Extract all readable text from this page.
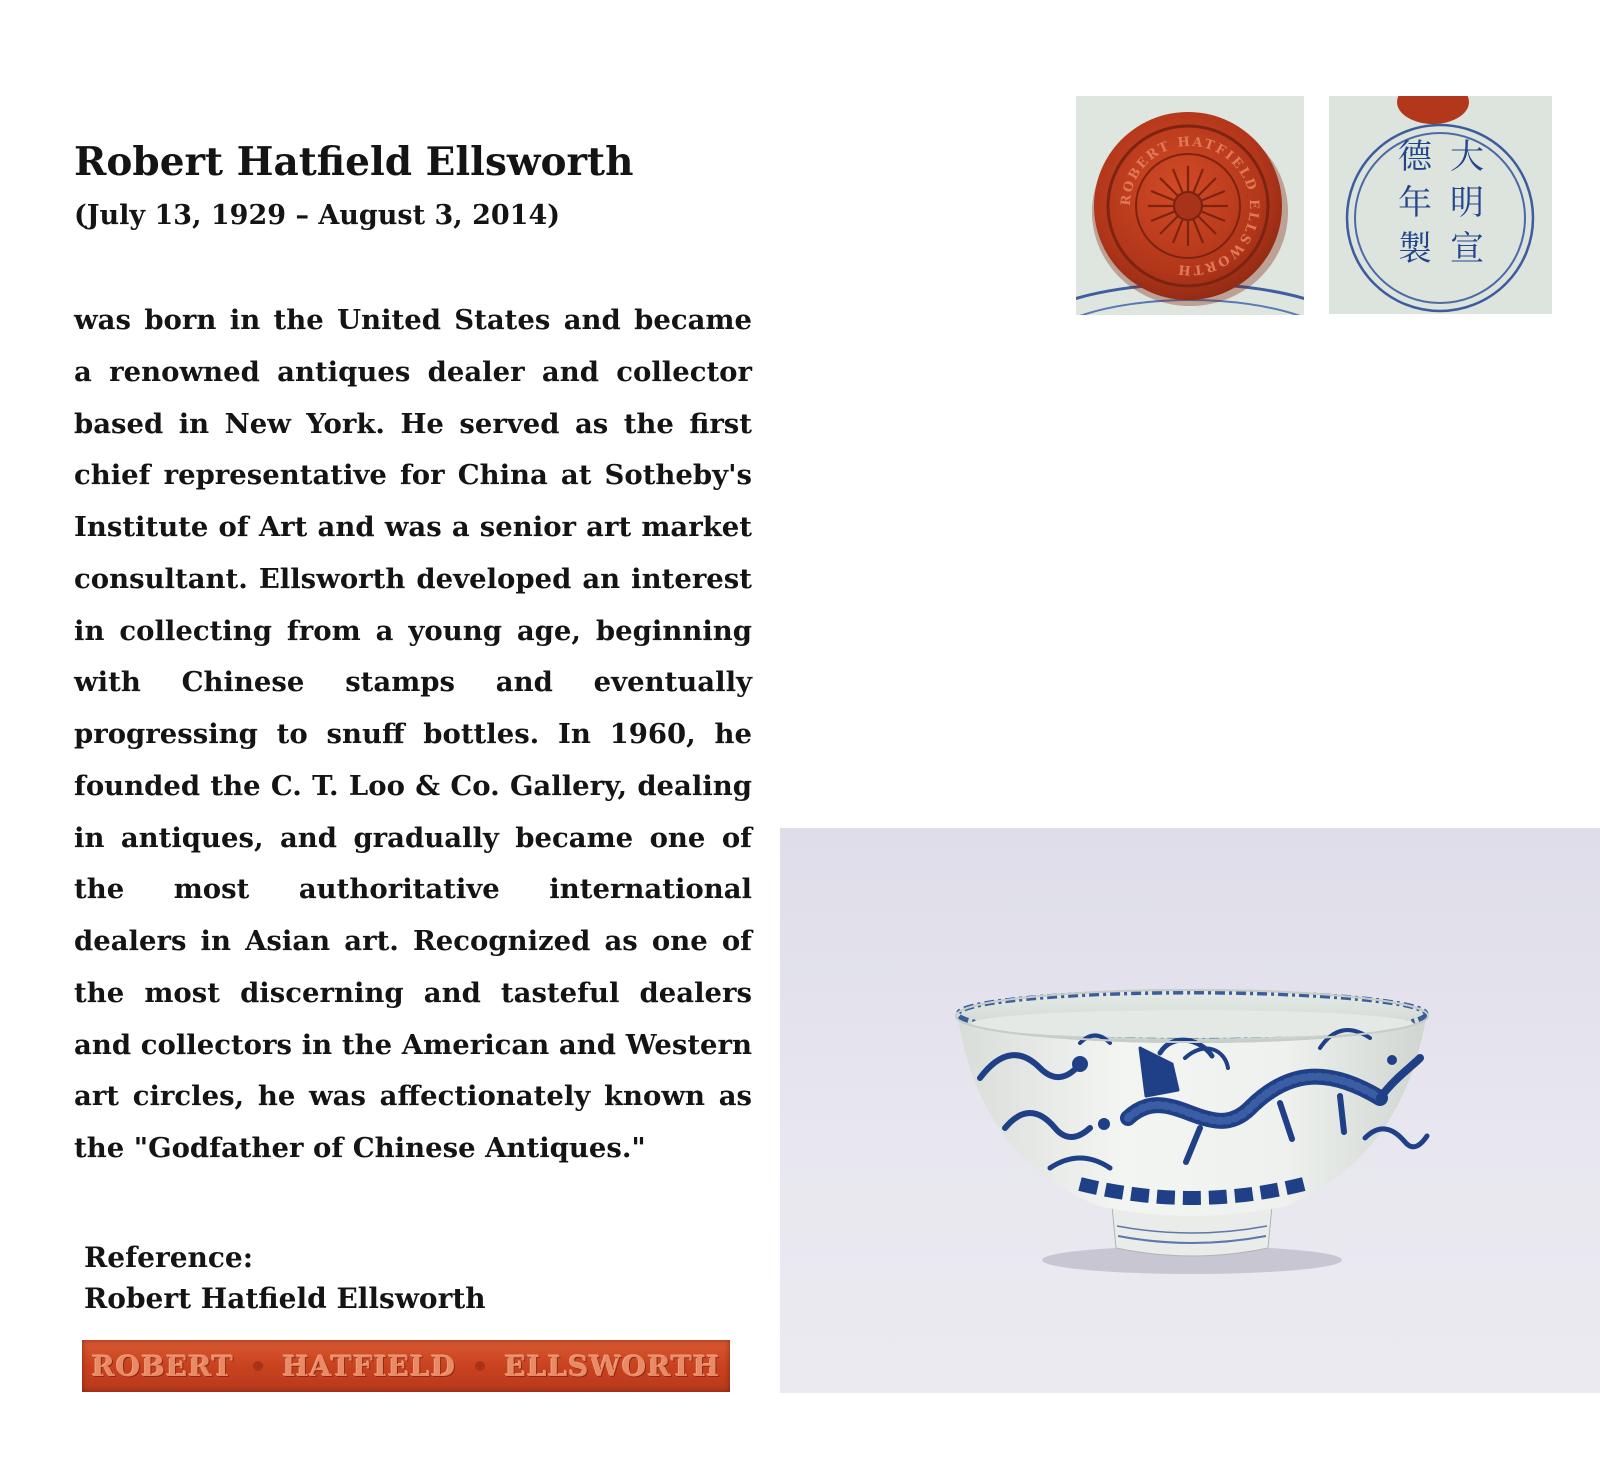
Robert Hatfield Ellsworth
(July 13, 1929 – August 3, 2014)

was born in the United States and became a renowned antiques dealer and collector based in New York. He served as the first chief representative for China at Sotheby's Institute of Art and was a senior art market consultant. Ellsworth developed an interest in collecting from a young age, beginning with Chinese stamps and eventually progressing to snuff bottles. In 1960, he founded the C. T. Loo & Co. Gallery, dealing in antiques, and gradually became one of the most authoritative international dealers in Asian art. Recognized as one of the most discerning and tasteful dealers and collectors in the American and Western art circles, he was affectionately known as the "Godfather of Chinese Antiques."

Reference:
Robert Hatfield Ellsworth
ROBERT HATFIELD ELLSWORTH
ROBERT HATFIELD ELLSWORTH
大
明
宣
德
年
製
